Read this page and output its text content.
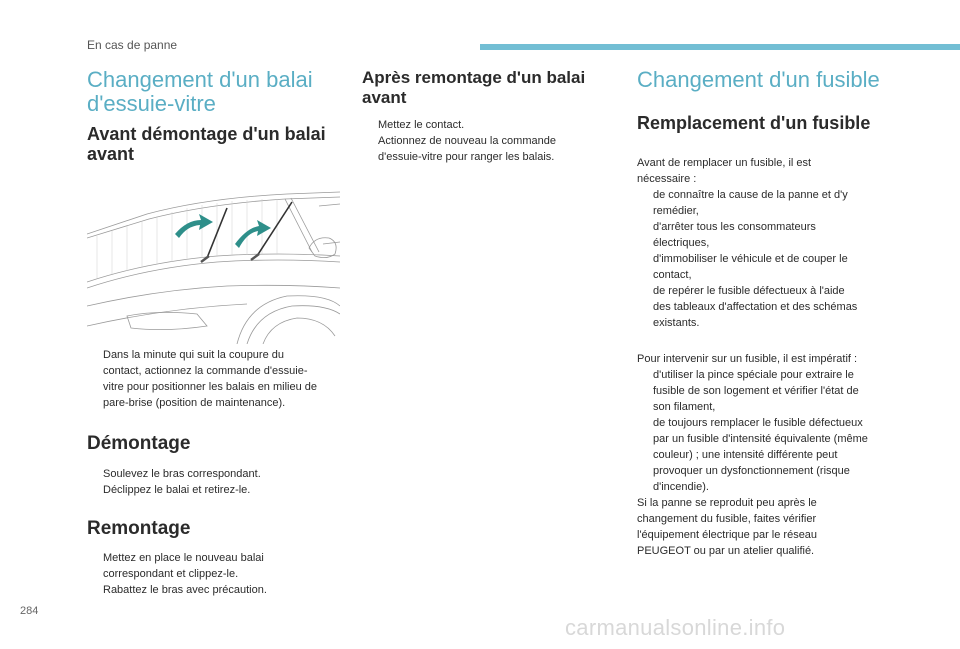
En cas de panne
Changement d'un balai
d'essuie-vitre
Avant démontage d'un balai
avant
Dans la minute qui suit la coupure du
contact, actionnez la commande d'essuie-
vitre pour positionner les balais en milieu de
pare-brise (position de maintenance).
Démontage
Soulevez le bras correspondant.
Déclippez le balai et retirez-le.
Remontage
Mettez en place le nouveau balai
correspondant et clippez-le.
Rabattez le bras avec précaution.
Après remontage d'un balai
avant
Mettez le contact.
Actionnez de nouveau la commande
d'essuie-vitre pour ranger les balais.
Changement d'un fusible
Remplacement d'un fusible
Avant de remplacer un fusible, il est
nécessaire :
de connaître la cause de la panne et d'y
remédier,
d'arrêter tous les consommateurs
électriques,
d'immobiliser le véhicule et de couper le
contact,
de repérer le fusible défectueux à l'aide
des tableaux d'affectation et des schémas
existants.
Pour intervenir sur un fusible, il est impératif :
d'utiliser la pince spéciale pour extraire le
fusible de son logement et vérifier l'état de
son filament,
de toujours remplacer le fusible défectueux
par un fusible d'intensité équivalente (même
couleur) ; une intensité différente peut
provoquer un dysfonctionnement (risque
d'incendie).
Si la panne se reproduit peu après le
changement du fusible, faites vérifier
l'équipement électrique par le réseau
PEUGEOT ou par un atelier qualifié.
284
carmanualsonline.info
